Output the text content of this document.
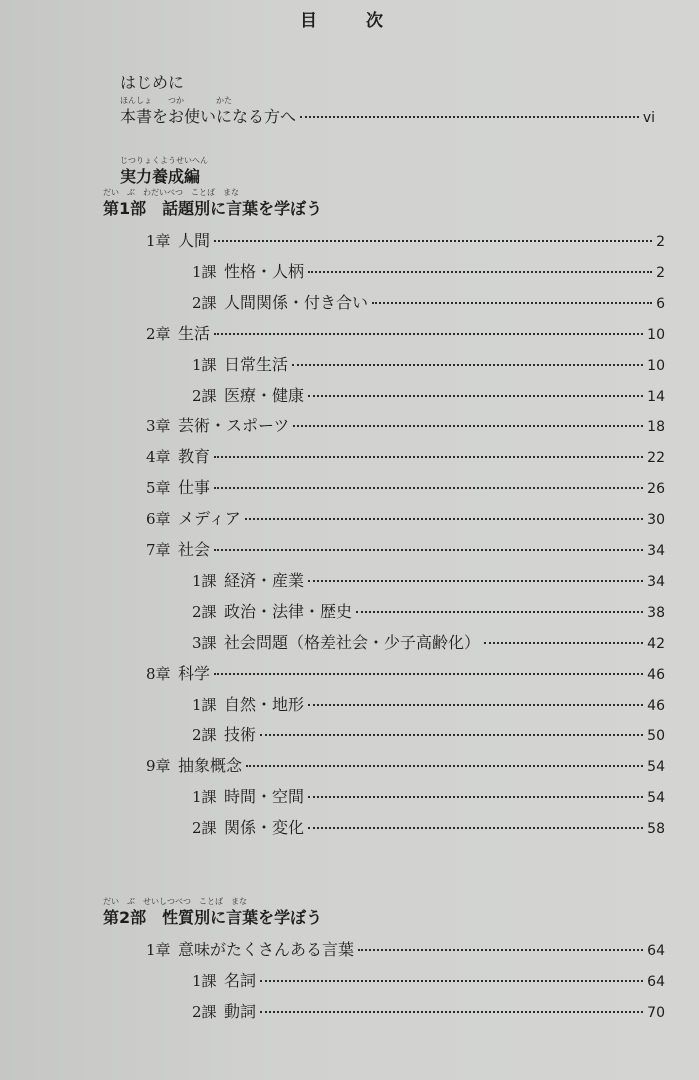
目　次
はじめに
ほんしょ　　つか　　　　かた
本書をお使いになる方へ	vi
じつりょくようせいへん
実力養成編
だい　ぶ　わだいべつ　ことば　まな
第1部　話題別に言葉を学ぼう
1章 人間	2
1課 性格・人柄	2
2課 人間関係・付き合い	6
2章 生活	10
1課 日常生活	10
2課 医療・健康	14
3章 芸術・スポーツ	18
4章 教育	22
5章 仕事	26
6章 メディア	30
7章 社会	34
1課 経済・産業	34
2課 政治・法律・歴史	38
3課 社会問題（格差社会・少子高齢化）	42
8章 科学	46
1課 自然・地形	46
2課 技術	50
9章 抽象概念	54
1課 時間・空間	54
2課 関係・変化	58
だい　ぶ　せいしつべつ　ことば　まな
第2部　性質別に言葉を学ぼう
1章 意味がたくさんある言葉	64
1課 名詞	64
2課 動詞	70
